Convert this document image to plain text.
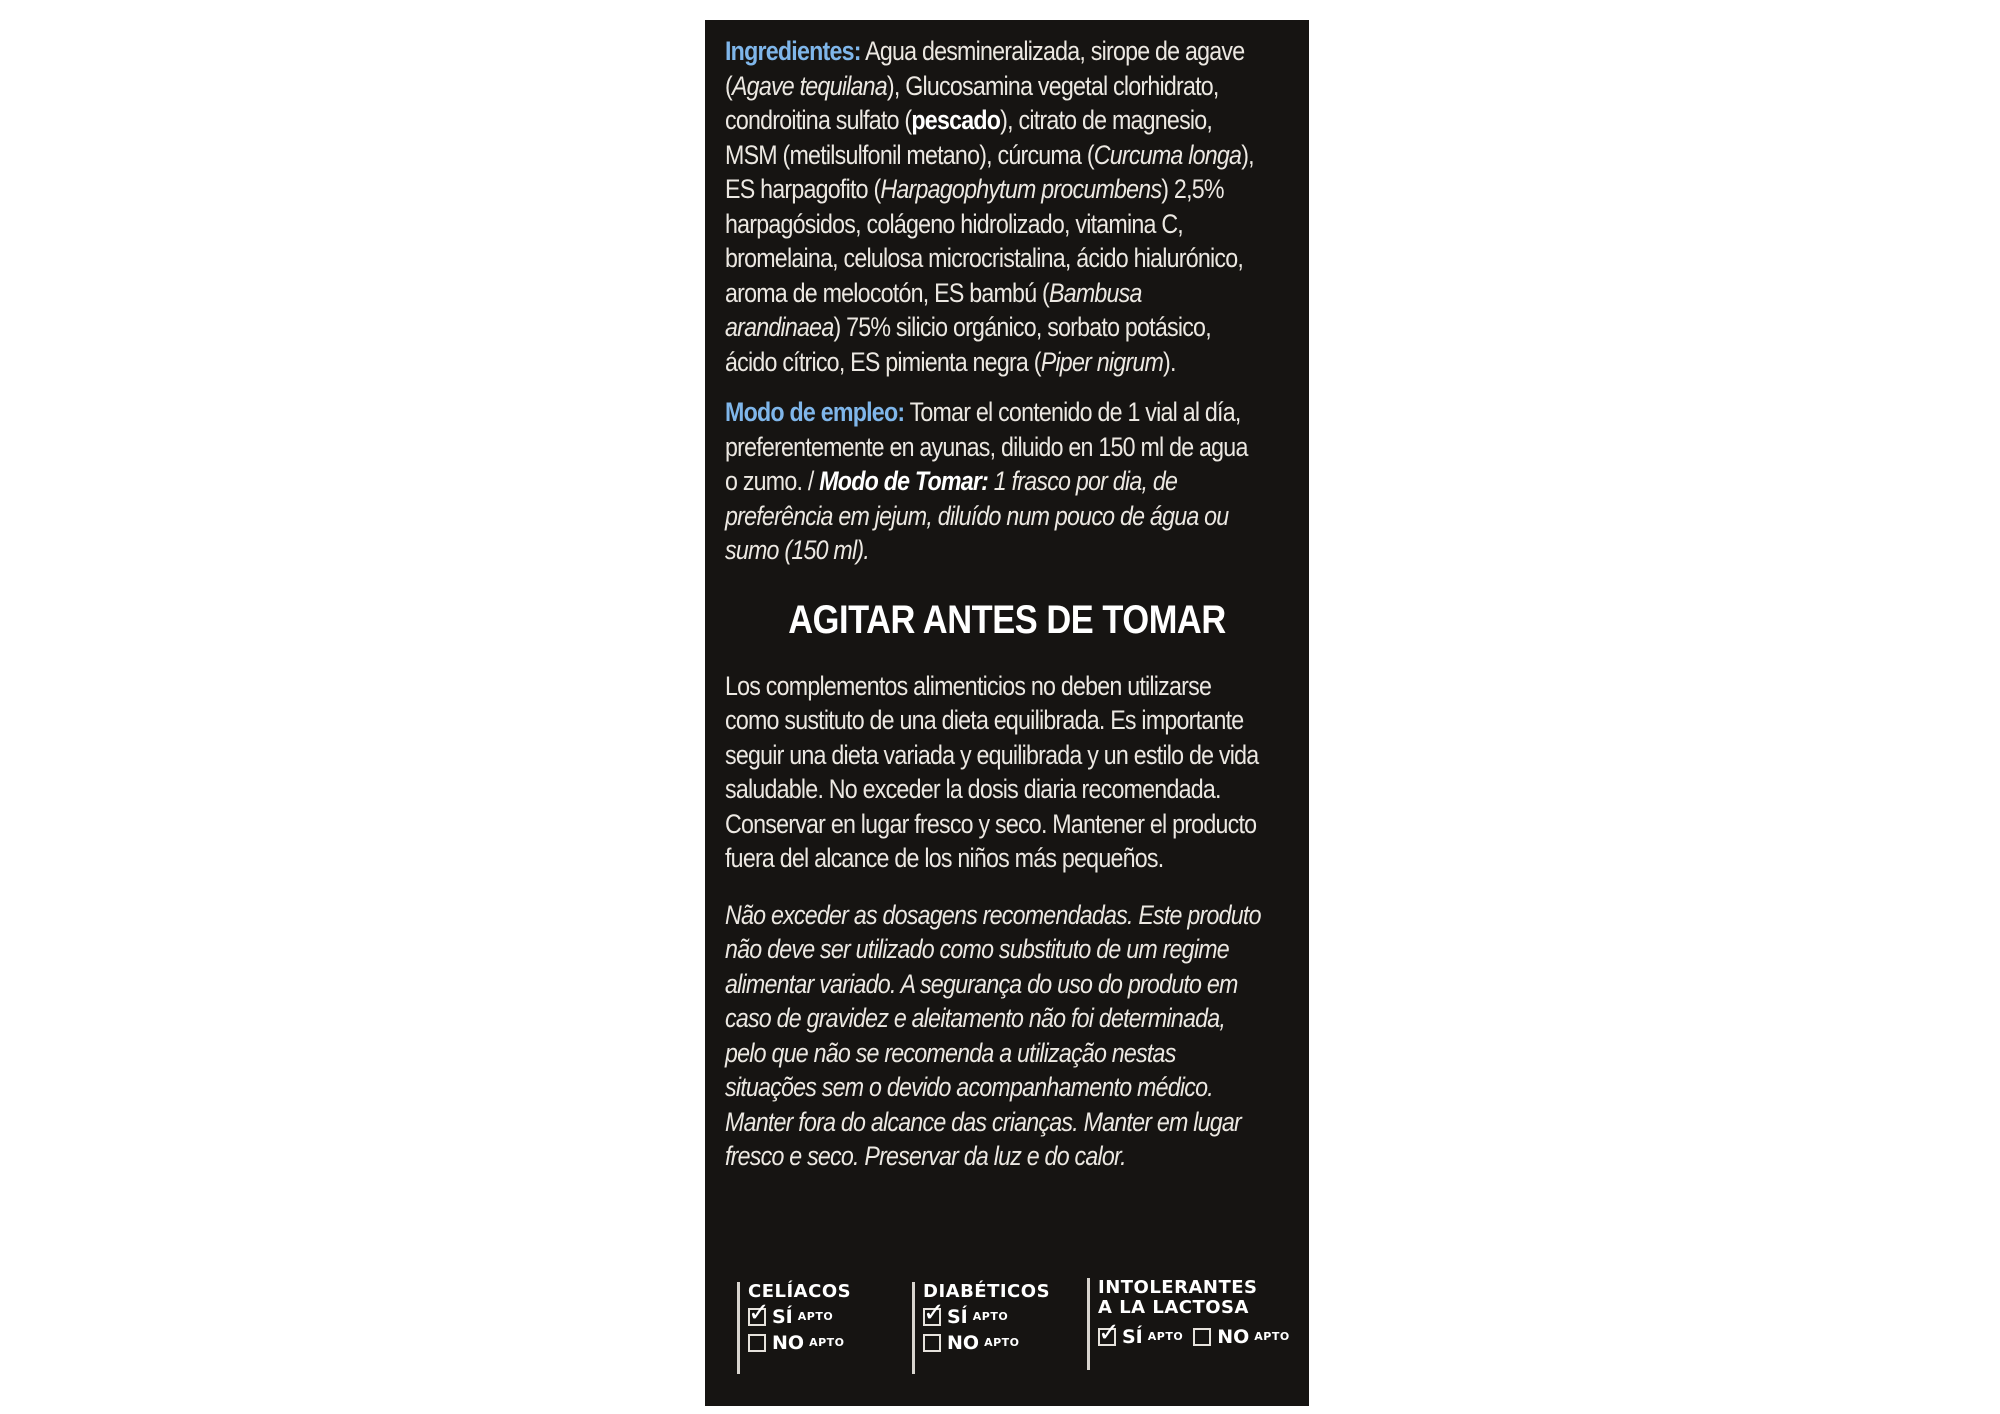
Ingredientes: Agua desmineralizada, sirope de agave (Agave tequilana), Glucosamina vegetal clorhidrato, condroitina sulfato (pescado), citrato de magnesio, MSM (metilsulfonil metano), cúrcuma (Curcuma longa), ES harpagofito (Harpagophytum procumbens) 2,5% harpagósidos, colágeno hidrolizado, vitamina C, bromelaina, celulosa microcristalina, ácido hialurónico, aroma de melocotón, ES bambú (Bambusa arandinaea) 75% silicio orgánico, sorbato potásico, ácido cítrico, ES pimienta negra (Piper nigrum).

Modo de empleo: Tomar el contenido de 1 vial al día, preferentemente en ayunas, diluido en 150 ml de agua o zumo. / Modo de Tomar: 1 frasco por dia, de preferência em jejum, diluído num pouco de água ou sumo (150 ml).

AGITAR ANTES DE TOMAR

Los complementos alimenticios no deben utilizarse como sustituto de una dieta equilibrada. Es importante seguir una dieta variada y equilibrada y un estilo de vida saludable. No exceder la dosis diaria recomendada. Conservar en lugar fresco y seco. Mantener el producto fuera del alcance de los niños más pequeños.

Não exceder as dosagens recomendadas. Este produto não deve ser utilizado como substituto de um regime alimentar variado. A segurança do uso do produto em caso de gravidez e aleitamento não foi determinada, pelo que não se recomenda a utilização nestas situações sem o devido acompanhamento médico. Manter fora do alcance das crianças. Manter em lugar fresco e seco. Preservar da luz e do calor.

CELÍACOS
✓ SÍ APTO
NO APTO
DIABÉTICOS
✓ SÍ APTO
NO APTO
INTOLERANTES
A LA LACTOSA
✓ SÍ APTO NO APTO
